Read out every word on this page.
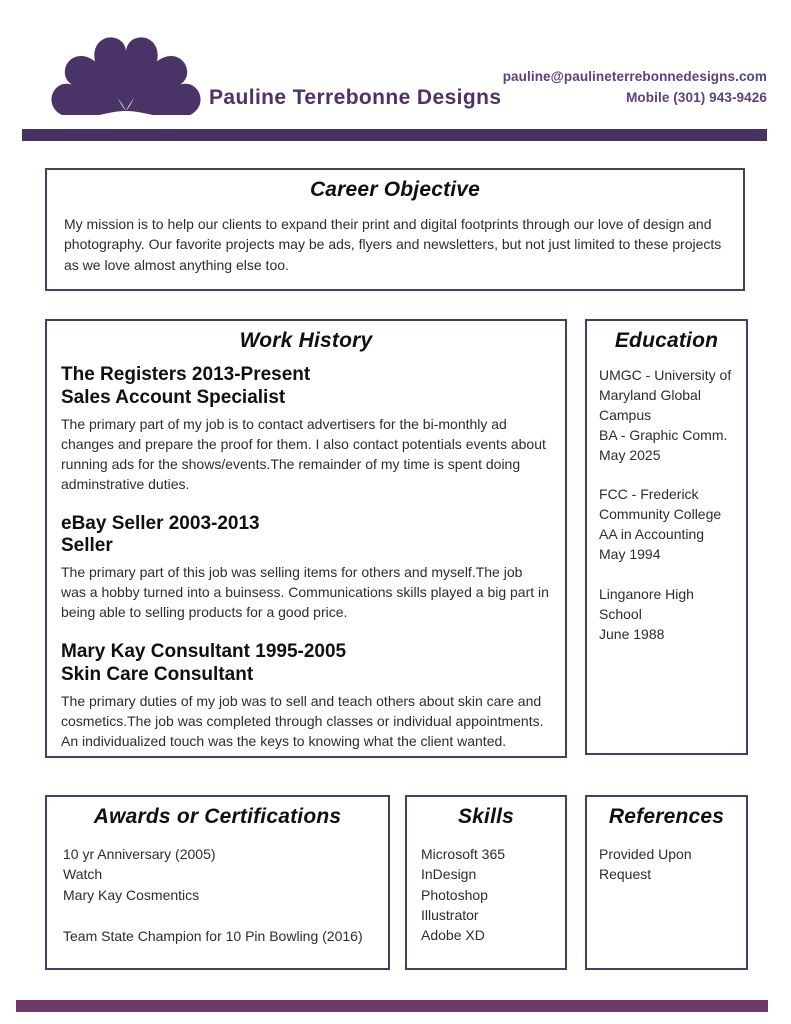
Pauline Terrebonne Designs
pauline@paulineterrebonnedesigns.com
Mobile (301) 943-9426
Career Objective

My mission is to help our clients to expand their print and digital footprints through our love of design and photography. Our favorite projects may be ads, flyers and newsletters, but not just limited to these projects as we love almost anything else too.

Work History
The Registers 2013-Present
Sales Account Specialist

The primary part of my job is to contact advertisers for the bi-monthly ad changes and prepare the proof for them. I also contact potentials events about running ads for the shows/events.The remainder of my time is spent doing adminstrative duties.

eBay Seller 2003-2013
Seller

The primary part of this job was selling items for others and myself.The job was a hobby turned into a buinsess. Communications skills played a big part in being able to selling products for a good price.

Mary Kay Consultant 1995-2005
Skin Care Consultant

The primary duties of my job was to sell and teach others about skin care and cosmetics.The job was completed through classes or individual appointments. An individualized touch was the keys to knowing what the client wanted.

Education
UMGC - University of Maryland Global Campus
BA - Graphic Comm.
May 2025
FCC - Frederick Community College
AA in Accounting
May 1994
Linganore High School
June 1988
Awards or Certifications
10 yr Anniversary (2005)
Watch
Mary Kay Cosmentics
Team State Champion for 10 Pin Bowling (2016)
Skills
Microsoft 365
InDesign
Photoshop
Illustrator
Adobe XD
References
Provided Upon Request
